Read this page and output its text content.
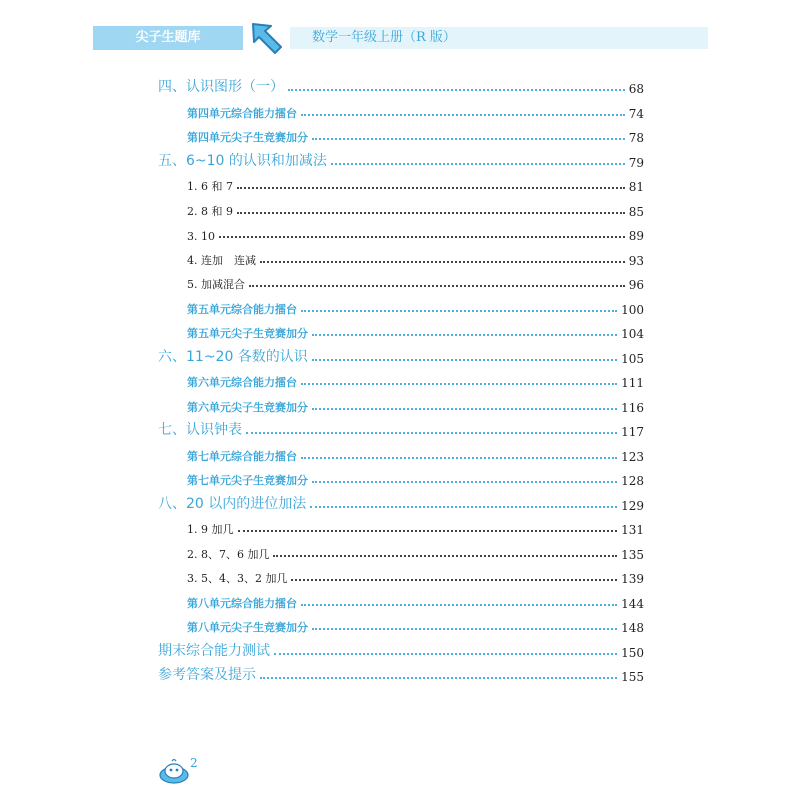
尖子生题库	数学一年级上册（R 版）
四、认识图形（一）	68
第四单元综合能力擂台	74
第四单元尖子生竞赛加分	78
五、6~10 的认识和加减法	79
1. 6 和 7	81
2. 8 和 9	85
3. 10	89
4. 连加　连减	93
5. 加减混合	96
第五单元综合能力擂台	100
第五单元尖子生竞赛加分	104
六、11~20 各数的认识	105
第六单元综合能力擂台	111
第六单元尖子生竞赛加分	116
七、认识钟表	117
第七单元综合能力擂台	123
第七单元尖子生竞赛加分	128
八、20 以内的进位加法	129
1. 9 加几	131
2. 8、7、6 加几	135
3. 5、4、3、2 加几	139
第八单元综合能力擂台	144
第八单元尖子生竞赛加分	148
期末综合能力测试	150
参考答案及提示	155
2
